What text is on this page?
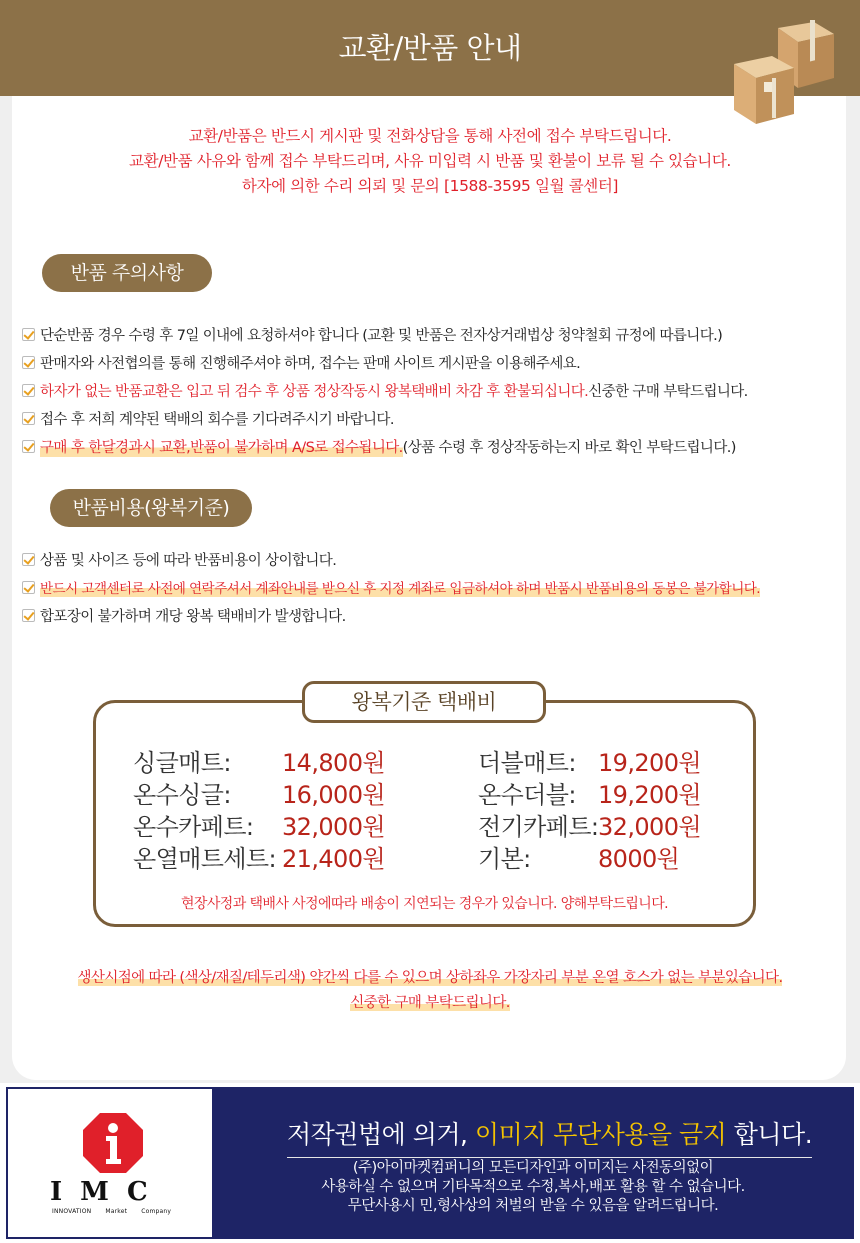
교환/반품 안내
교환/반품은 반드시 게시판 및 전화상담을 통해 사전에 접수 부탁드립니다.
교환/반품 사유와 함께 접수 부탁드리며, 사유 미입력 시 반품 및 환불이 보류 될 수 있습니다.
하자에 의한 수리 의뢰 및 문의 [1588-3595 일월 콜센터]
반품 주의사항
단순반품 경우 수령 후 7일 이내에 요청하셔야 합니다 (교환 및 반품은 전자상거래법상 청약철회 규정에 따릅니다.)
판매자와 사전협의를 통해 진행해주셔야 하며, 접수는 판매 사이트 게시판을 이용해주세요.
하자가 없는 반품교환은 입고 뒤 검수 후 상품 정상작동시 왕복택배비 차감 후 환불되십니다. 신중한 구매 부탁드립니다.
접수 후 저희 계약된 택배의 회수를 기다려주시기 바랍니다.
구매 후 한달경과시 교환,반품이 불가하며 A/S로 접수됩니다. (상품 수령 후 정상작동하는지 바로 확인 부탁드립니다.)
반품비용(왕복기준)
상품 및 사이즈 등에 따라 반품비용이 상이합니다.
반드시 고객센터로 사전에 연락주셔서 계좌안내를 받으신 후 지정 계좌로 입금하셔야 하며 반품시 반품비용의 동봉은 불가합니다.
합포장이 불가하며 개당 왕복 택배비가 발생합니다.
왕복기준 택배비
싱글매트: 14,800원
온수싱글: 16,000원
온수카페트: 32,000원
온열매트세트: 21,400원
더블매트: 19,200원
온수더블: 19,200원
전기카페트: 32,000원
기본:	8000원
현장사정과 택배사 사정에따라 배송이 지연되는 경우가 있습니다. 양해부탁드립니다.
생산시점에 따라 (색상/재질/테두리색) 약간씩 다를 수 있으며 상하좌우 가장자리 부분 온열 호스가 없는 부분있습니다.
신중한 구매 부탁드립니다.
IMC
INNOVATION Market Company
저작권법에 의거, 이미지 무단사용을 금지 합니다.
(주)아이마켓컴퍼니의 모든디자인과 이미지는 사전동의없이
사용하실 수 없으며 기타목적으로 수정,복사,배포 활용 할 수 없습니다.
무단사용시 민,형사상의 처벌의 받을 수 있음을 알려드립니다.
